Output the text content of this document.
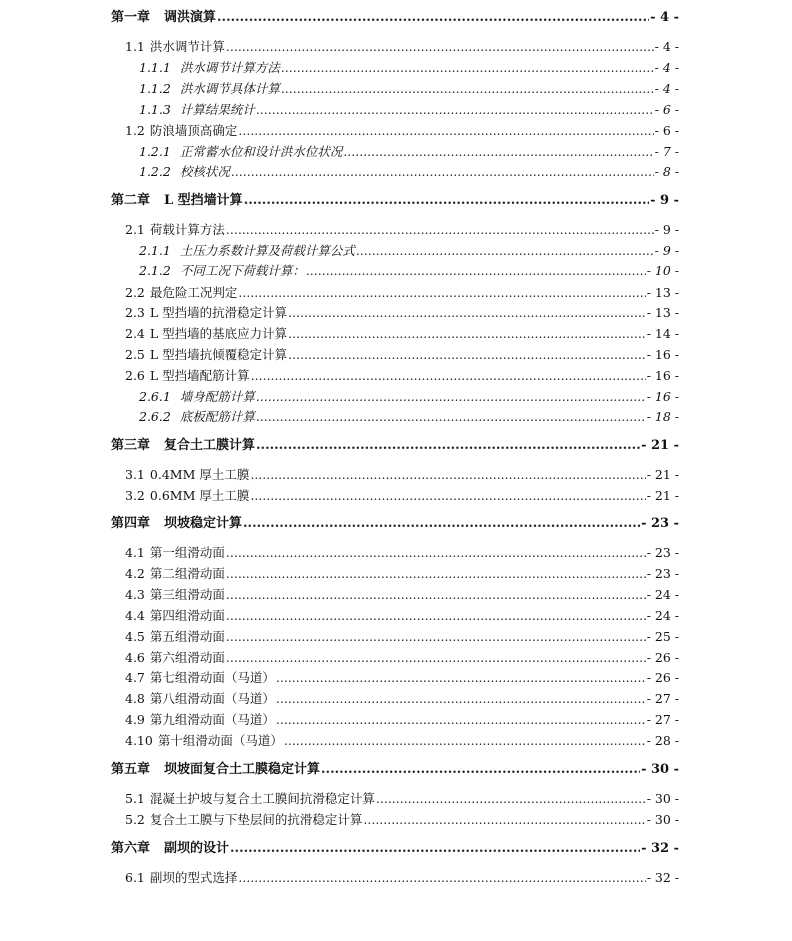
第一章 调洪演算 .....	- 4 -
1.1 洪水调节计算 .....	- 4 -
1.1.1 洪水调节计算方法 .....	- 4 -
1.1.2 洪水调节具体计算 .....	- 4 -
1.1.3 计算结果统计 .....	- 6 -
1.2 防浪墙顶高确定 .....	- 6 -
1.2.1 正常蓄水位和设计洪水位状况 .....	- 7 -
1.2.2 校核状况 .....	- 8 -
第二章 L 型挡墙计算 .....	- 9 -
2.1 荷载计算方法 .....	- 9 -
2.1.1 土压力系数计算及荷载计算公式 .....	- 9 -
2.1.2 不同工况下荷载计算： .....	- 10 -
2.2 最危险工况判定 .....	- 13 -
2.3 L 型挡墙的抗滑稳定计算 .....	- 13 -
2.4 L 型挡墙的基底应力计算 .....	- 14 -
2.5 L 型挡墙抗倾覆稳定计算 .....	- 16 -
2.6 L 型挡墙配筋计算 .....	- 16 -
2.6.1 墙身配筋计算 .....	- 16 -
2.6.2 底板配筋计算 .....	- 18 -
第三章 复合土工膜计算 .....	- 21 -
3.1 0.4MM 厚土工膜 .....	- 21 -
3.2 0.6MM 厚土工膜 .....	- 21 -
第四章 坝坡稳定计算 .....	- 23 -
4.1 第一组滑动面 .....	- 23 -
4.2 第二组滑动面 .....	- 23 -
4.3 第三组滑动面 .....	- 24 -
4.4 第四组滑动面 .....	- 24 -
4.5 第五组滑动面 .....	- 25 -
4.6 第六组滑动面 .....	- 26 -
4.7 第七组滑动面（马道） .....	- 26 -
4.8 第八组滑动面（马道） .....	- 27 -
4.9 第九组滑动面（马道） .....	- 27 -
4.10 第十组滑动面（马道） .....	- 28 -
第五章 坝坡面复合土工膜稳定计算 .....	- 30 -
5.1 混凝土护坡与复合土工膜间抗滑稳定计算 .....	- 30 -
5.2 复合土工膜与下垫层间的抗滑稳定计算 .....	- 30 -
第六章 副坝的设计 .....	- 32 -
6.1 副坝的型式选择 .....	- 32 -
